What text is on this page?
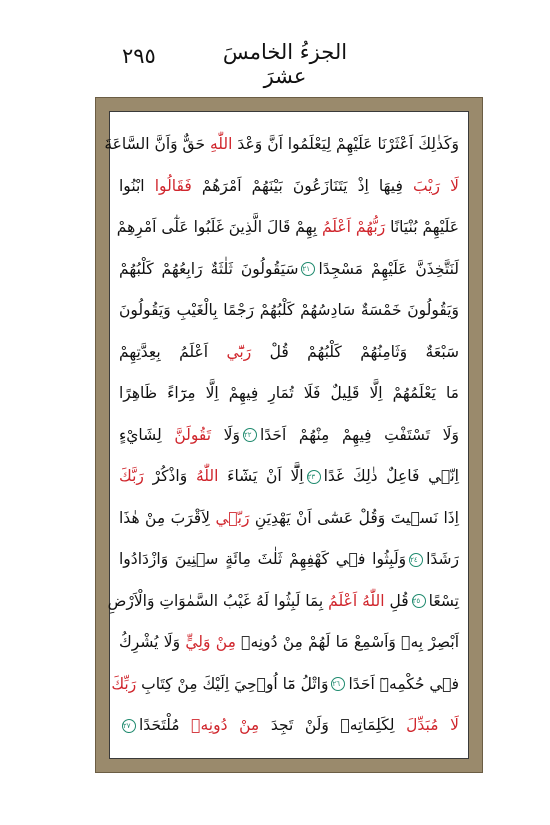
٢٩٥	الجزءُ الخامسَ عشرَ
وَكَذٰلِكَ اَعْثَرْنَا عَلَيْهِمْ لِيَعْلَمُوا اَنَّ وَعْدَ اللّٰهِ حَقٌّ وَاَنَّ السَّاعَةَ
لَا رَيْبَ فِيهَا اِذْ يَتَنَازَعُونَ بَيْنَهُمْ اَمْرَهُمْ فَقَالُوا ابْنُوا
عَلَيْهِمْ بُنْيَانًا رَبُّهُمْ اَعْلَمُ بِهِمْ قَالَ الَّذِينَ غَلَبُوا عَلٰٓى اَمْرِهِمْ
لَنَتَّخِذَنَّ عَلَيْهِمْ مَسْجِدًا٢١سَيَقُولُونَ ثَلٰثَةٌ رَابِعُهُمْ كَلْبُهُمْ
وَيَقُولُونَ خَمْسَةٌ سَادِسُهُمْ كَلْبُهُمْ رَجْمًا بِالْغَيْبِ وَيَقُولُونَ
سَبْعَةٌ وَثَامِنُهُمْ كَلْبُهُمْ قُلْ رَبّٓي اَعْلَمُ بِعِدَّتِهِمْ
مَا يَعْلَمُهُمْ اِلَّا قَلِيلٌ فَلَا تُمَارِ فِيهِمْ اِلَّا مِرَٓاءً ظَاهِرًا
وَلَا تَسْتَفْتِ فِيهِمْ مِنْهُمْ اَحَدًا٢٢وَلَا تَقُولَنَّ لِشَايْءٍ
اِنّ۪ي فَاعِلٌ ذٰلِكَ غَدًا٢٣اِلَّٓا اَنْ يَشَٓاءَ اللّٰهُ وَاذْكُرْ رَبَّكَ
اِذَا نَس۪يتَ وَقُلْ عَسٰٓى اَنْ يَهْدِيَنِ رَبّ۪ي لِاَقْرَبَ مِنْ هٰذَا
رَشَدًا٢٤وَلَبِثُوا ف۪ي كَهْفِهِمْ ثَلٰثَ مِائَةٍ س۪نِينَ وَازْدَادُوا
تِسْعًا٢٥قُلِ اللّٰهُ اَعْلَمُ بِمَا لَبِثُوا لَهُ غَيْبُ السَّمٰوَاتِ وَالْاَرْضِ
اَبْصِرْ بِه۪ وَاَسْمِعْ مَا لَهُمْ مِنْ دُونِه۪ مِنْ وَلِيٍّ وَلَا يُشْرِكُ
ف۪ي حُكْمِه۪ٓ اَحَدًا٢٦وَاتْلُ مَٓا اُو۫حِيَ اِلَيْكَ مِنْ كِتَابِ رَبِّكَ
لَا مُبَدِّلَ لِكَلِمَاتِه۪ وَلَنْ تَجِدَ مِنْ دُونِه۪ مُلْتَحَدًا٢٧
